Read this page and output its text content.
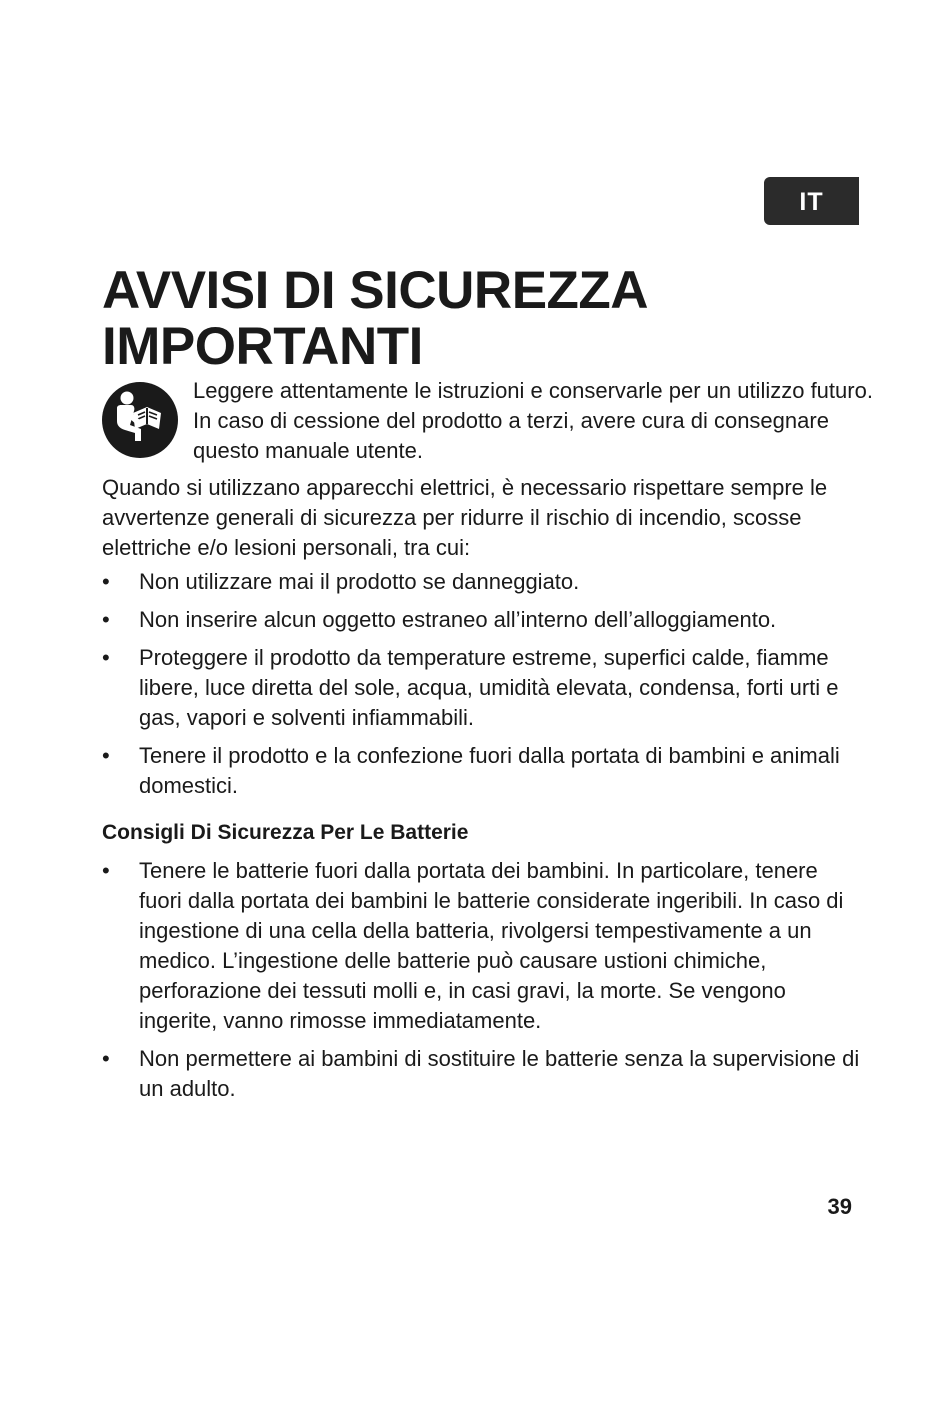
IT
AVVISI DI SICUREZZA IMPORTANTI
Leggere attentamente le istruzioni e conservarle per un utilizzo futuro. In caso di cessione del prodotto a terzi, avere cura di consegnare questo manuale utente.
Quando si utilizzano apparecchi elettrici, è necessario rispettare sempre le avvertenze generali di sicurezza per ridurre il rischio di incendio, scosse elettriche e/o lesioni personali, tra cui:
• Non utilizzare mai il prodotto se danneggiato.
• Non inserire alcun oggetto estraneo all’interno dell’alloggiamento.
• Proteggere il prodotto da temperature estreme, superfici calde, fiamme libere, luce diretta del sole, acqua, umidità elevata, condensa, forti urti e gas, vapori e solventi infiammabili.
• Tenere il prodotto e la confezione fuori dalla portata di bambini e animali domestici.
Consigli Di Sicurezza Per Le Batterie
• Tenere le batterie fuori dalla portata dei bambini. In particolare, tenere fuori dalla portata dei bambini le batterie considerate ingeribili. In caso di ingestione di una cella della batteria, rivolgersi tempestivamente a un medico. L’ingestione delle batterie può causare ustioni chimiche, perforazione dei tessuti molli e, in casi gravi, la morte. Se vengono ingerite, vanno rimosse immediatamente.
• Non permettere ai bambini di sostituire le batterie senza la supervisione di un adulto.
39
